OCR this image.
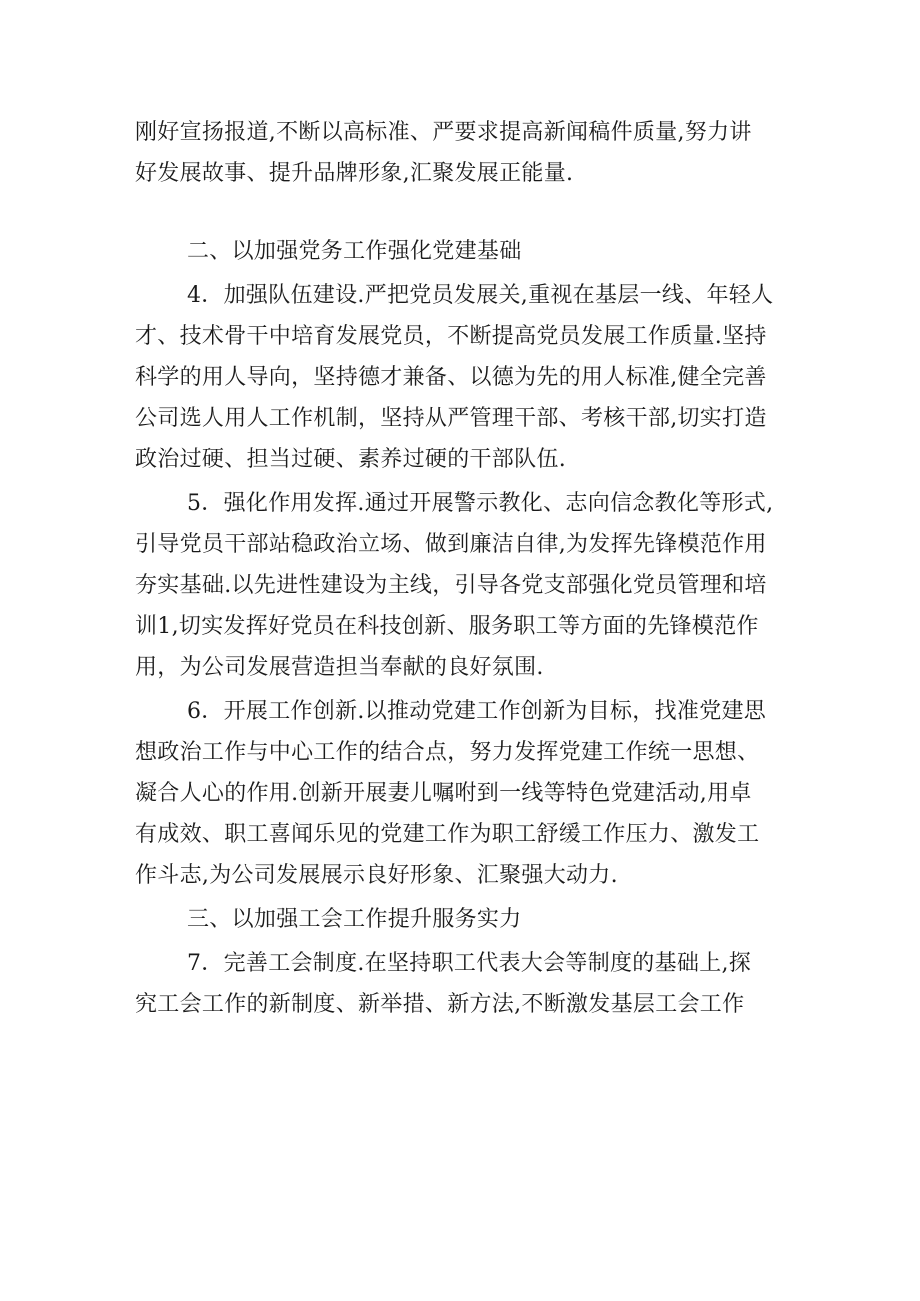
刚好宣扬报道,不断以高标准、严要求提高新闻稿件质量,努力讲
好发展故事、提升品牌形象,汇聚发展正能量.
二、以加强党务工作强化党建基础
4．加强队伍建设.严把党员发展关,重视在基层一线、年轻人
才、技术骨干中培育发展党员，不断提高党员发展工作质量.坚持
科学的用人导向，坚持德才兼备、以德为先的用人标准,健全完善
公司选人用人工作机制，坚持从严管理干部、考核干部,切实打造
政治过硬、担当过硬、素养过硬的干部队伍.
5．强化作用发挥.通过开展警示教化、志向信念教化等形式,
引导党员干部站稳政治立场、做到廉洁自律,为发挥先锋模范作用
夯实基础.以先进性建设为主线，引导各党支部强化党员管理和培
训1,切实发挥好党员在科技创新、服务职工等方面的先锋模范作
用，为公司发展营造担当奉献的良好氛围.
6．开展工作创新.以推动党建工作创新为目标，找准党建思
想政治工作与中心工作的结合点，努力发挥党建工作统一思想、
凝合人心的作用.创新开展妻儿嘱咐到一线等特色党建活动,用卓
有成效、职工喜闻乐见的党建工作为职工舒缓工作压力、激发工
作斗志,为公司发展展示良好形象、汇聚强大动力.
三、以加强工会工作提升服务实力
7．完善工会制度.在坚持职工代表大会等制度的基础上,探
究工会工作的新制度、新举措、新方法,不断激发基层工会工作
